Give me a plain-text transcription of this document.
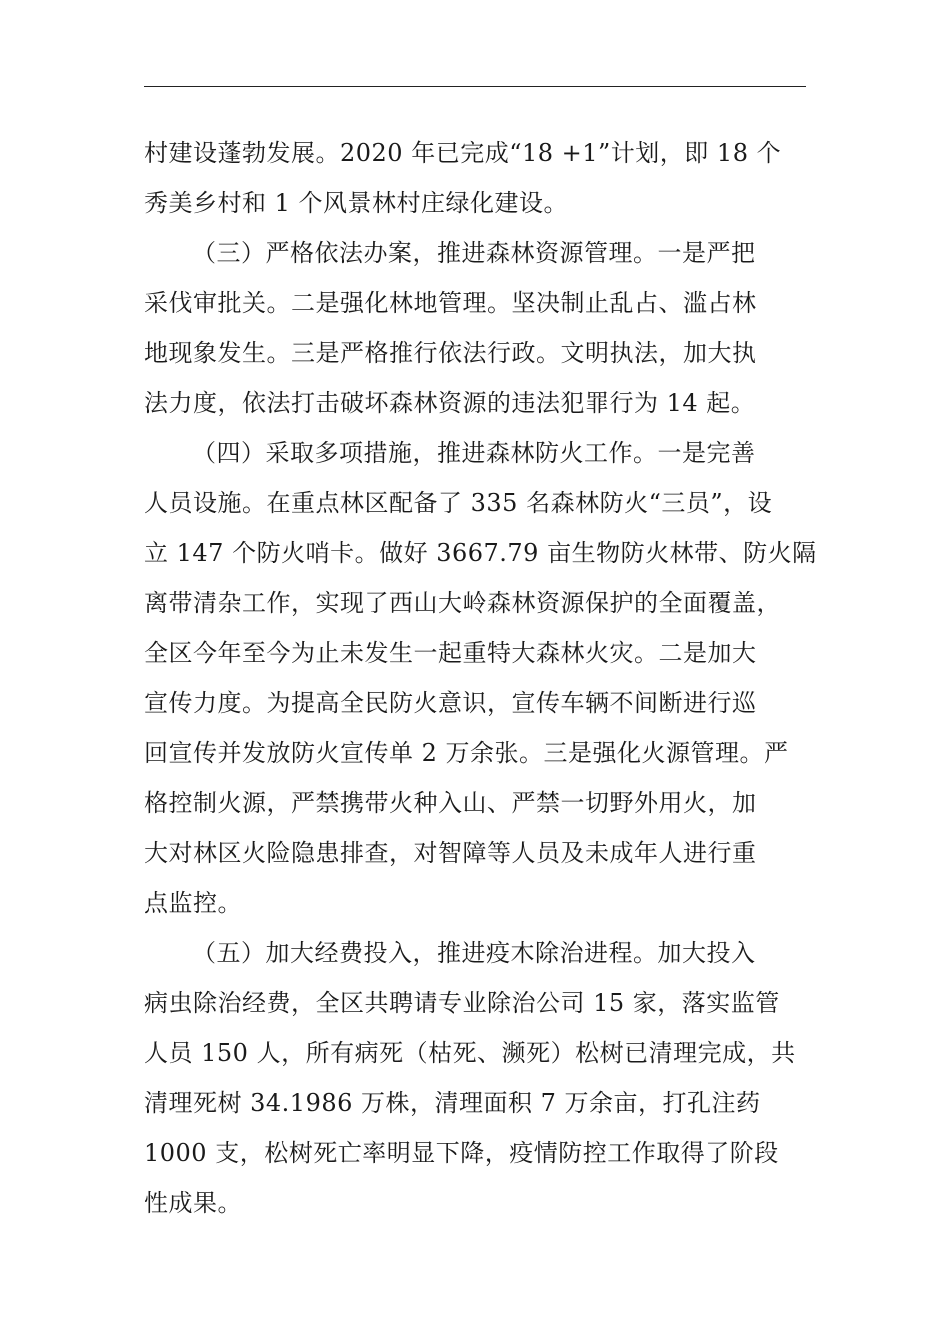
村建设蓬勃发展。2020 年已完成“18 +1”计划，即 18 个
秀美乡村和 1 个风景林村庄绿化建设。
（三）严格依法办案，推进森林资源管理。一是严把
采伐审批关。二是强化林地管理。坚决制止乱占、滥占林
地现象发生。三是严格推行依法行政。文明执法，加大执
法力度，依法打击破坏森林资源的违法犯罪行为 14 起。
（四）采取多项措施，推进森林防火工作。一是完善
人员设施。在重点林区配备了 335 名森林防火“三员”，设
立 147 个防火哨卡。做好 3667.79 亩生物防火林带、防火隔
离带清杂工作，实现了西山大岭森林资源保护的全面覆盖，
全区今年至今为止未发生一起重特大森林火灾。二是加大
宣传力度。为提高全民防火意识，宣传车辆不间断进行巡
回宣传并发放防火宣传单 2 万余张。三是强化火源管理。严
格控制火源，严禁携带火种入山、严禁一切野外用火，加
大对林区火险隐患排查，对智障等人员及未成年人进行重
点监控。
（五）加大经费投入，推进疫木除治进程。加大投入
病虫除治经费，全区共聘请专业除治公司 15 家，落实监管
人员 150 人，所有病死（枯死、濒死）松树已清理完成，共
清理死树 34.1986 万株，清理面积 7 万余亩，打孔注药
1000 支，松树死亡率明显下降，疫情防控工作取得了阶段
性成果。
